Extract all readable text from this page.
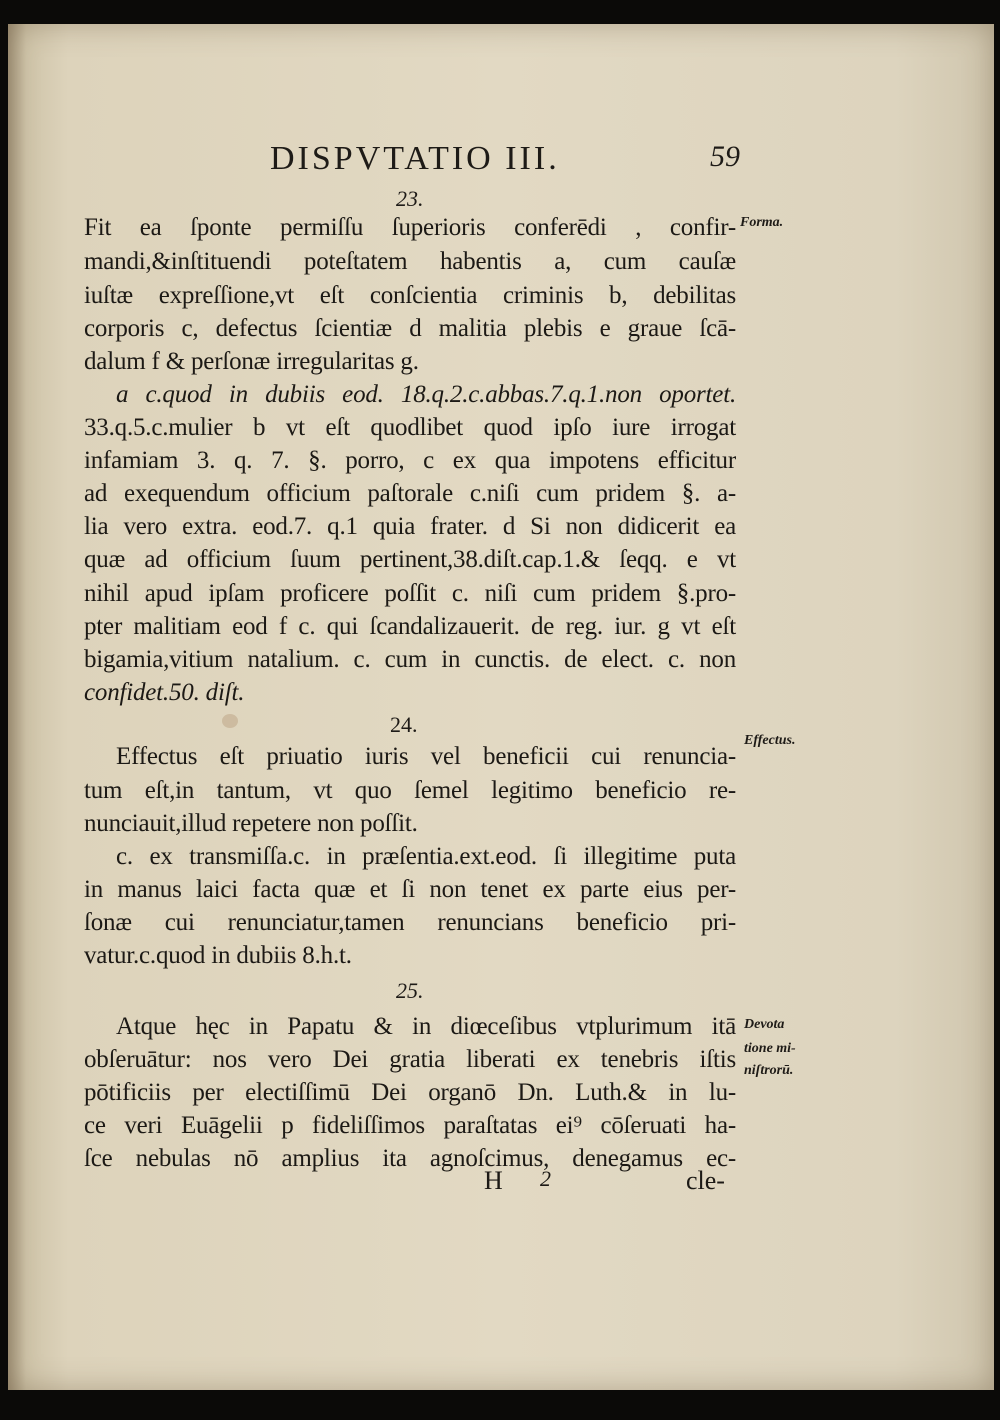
DISPVTATIO III.	59
23.
Fit ea ſponte permiſſu ſuperioris conferēdi , confir-
mandi,&inſtituendi poteſtatem habentis a, cum cauſæ
iuſtæ expreſſione,vt eſt conſcientia criminis b, debilitas
corporis c, defectus ſcientiæ d malitia plebis e graue ſcā-
dalum f & perſonæ irregularitas g.
a c.quod in dubiis eod. 18.q.2.c.abbas.7.q.1.non oportet.
33.q.5.c.mulier b vt eſt quodlibet quod ipſo iure irrogat
infamiam 3. q. 7. §. porro, c ex qua impotens efficitur
ad exequendum officium paſtorale c.niſi cum pridem §. a-
lia vero extra. eod.7. q.1 quia frater. d Si non didicerit ea
quæ ad officium ſuum pertinent,38.diſt.cap.1.& ſeqq. e vt
nihil apud ipſam proficere poſſit c. niſi cum pridem §.pro-
pter malitiam eod f c. qui ſcandalizauerit. de reg. iur. g vt eſt
bigamia,vitium natalium. c. cum in cunctis. de elect. c. non
confidet.50. diſt.
24.
Effectus eſt priuatio iuris vel beneficii cui renuncia-
tum eſt,in tantum, vt quo ſemel legitimo beneficio re-
nunciauit,illud repetere non poſſit.
c. ex transmiſſa.c. in præſentia.ext.eod. ſi illegitime puta
in manus laici facta quæ et ſi non tenet ex parte eius per-
ſonæ cui renunciatur,tamen renuncians beneficio pri-
vatur.c.quod in dubiis 8.h.t.
25.
Atque hęc in Papatu & in diœceſibus vtplurimum itā
obſeruātur: nos vero Dei gratia liberati ex tenebris iſtis
pōtificiis per electiſſimū Dei organō Dn. Luth.& in lu-
ce veri Euāgelii p fideliſſimos paraſtatas ei⁹ cōſeruati ha-
ſce nebulas nō amplius ita agnoſcimus, denegamus ec-
Forma.
Effectus.
Devota
tione mi-
niſtrorū.
H 2	cle-
